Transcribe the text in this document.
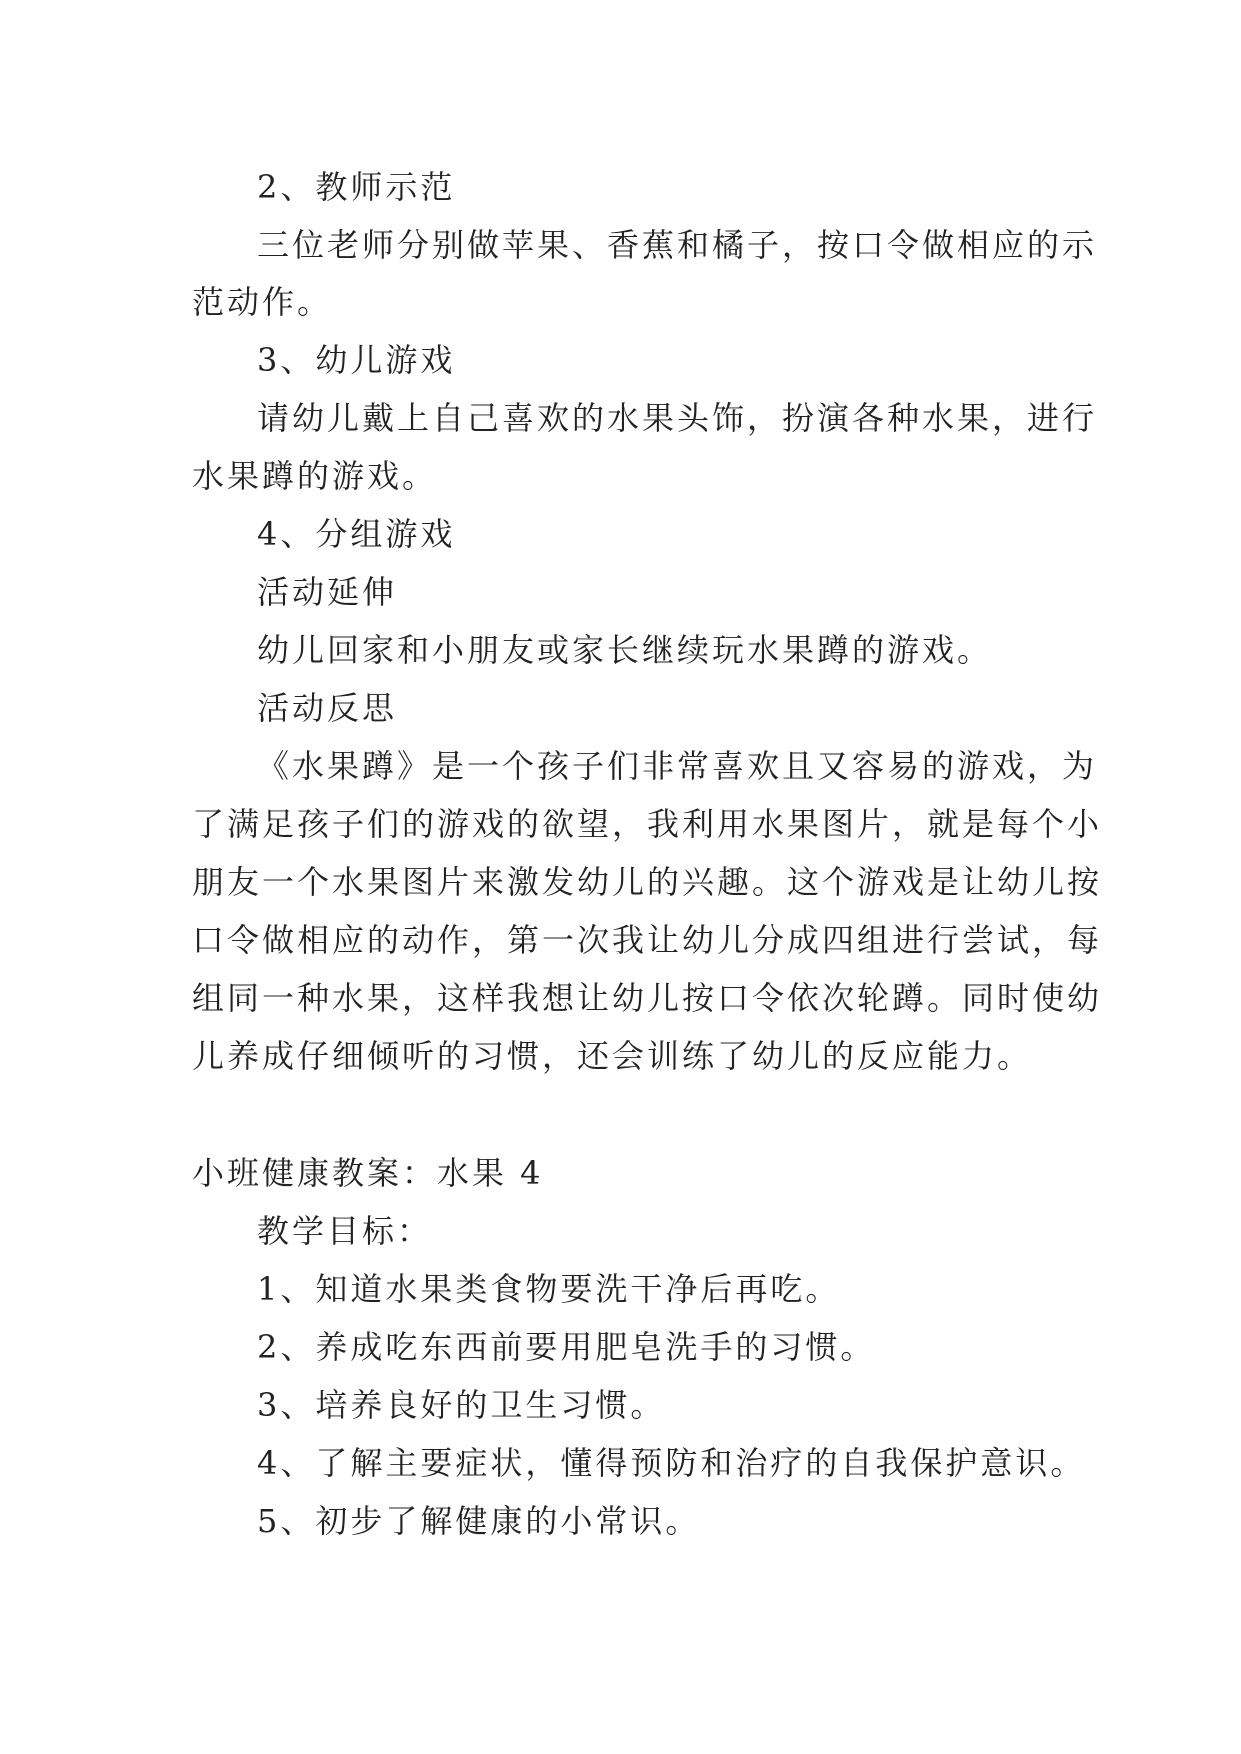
2、教师示范
三位老师分别做苹果、香蕉和橘子，按口令做相应的示
范动作。
3、幼儿游戏
请幼儿戴上自己喜欢的水果头饰，扮演各种水果，进行
水果蹲的游戏。
4、分组游戏
活动延伸
幼儿回家和小朋友或家长继续玩水果蹲的游戏。
活动反思
《水果蹲》是一个孩子们非常喜欢且又容易的游戏，为
了满足孩子们的游戏的欲望，我利用水果图片，就是每个小
朋友一个水果图片来激发幼儿的兴趣。这个游戏是让幼儿按
口令做相应的动作，第一次我让幼儿分成四组进行尝试，每
组同一种水果，这样我想让幼儿按口令依次轮蹲。同时使幼
儿养成仔细倾听的习惯，还会训练了幼儿的反应能力。
小班健康教案：水果 4
教学目标：
1、知道水果类食物要洗干净后再吃。
2、养成吃东西前要用肥皂洗手的习惯。
3、培养良好的卫生习惯。
4、了解主要症状，懂得预防和治疗的自我保护意识。
5、初步了解健康的小常识。
